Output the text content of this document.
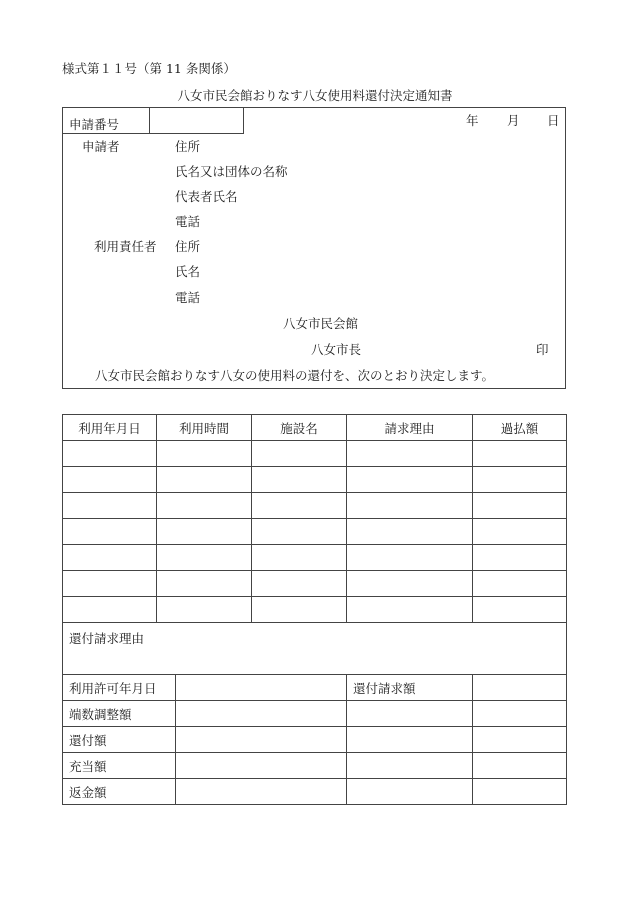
様式第１１号（第 11 条関係）
八女市民会館おりなす八女使用料還付決定通知書
申請番号	年 月 日
申請者	住所
氏名又は団体の名称
代表者氏名
電話
利用責任者 住所
氏名
電話
八女市民会館
八女市長	印
八女市民会館おりなす八女の使用料の還付を、次のとおり決定します。
利用年月日	利用時間	施設名	請求理由	過払額

還付請求理由			
利用許可年月日		還付請求額	
端数調整額			
還付額			
充当額			
返金額			
